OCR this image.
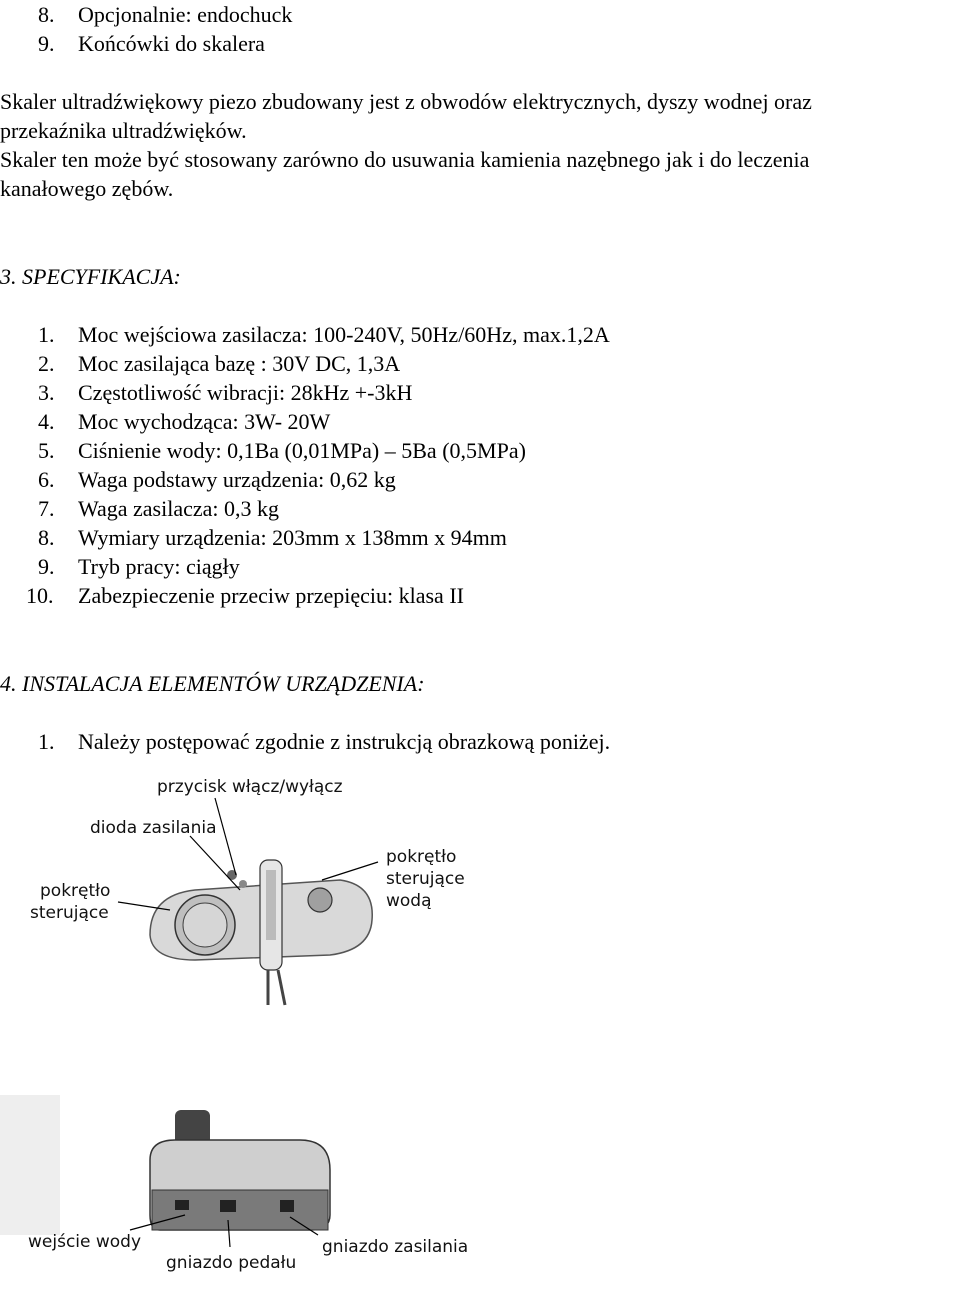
8. Opcjonalnie: endochuck
9. Końcówki do skalera
Skaler ultradźwiękowy piezo zbudowany jest z obwodów elektrycznych, dyszy wodnej oraz
przekaźnika ultradźwięków.
Skaler ten może być stosowany zarówno do usuwania kamienia nazębnego jak i do leczenia
kanałowego zębów.
3. SPECYFIKACJA:
1. Moc wejściowa zasilacza: 100-240V, 50Hz/60Hz, max.1,2A
2. Moc zasilająca bazę : 30V DC, 1,3A
3. Częstotliwość wibracji: 28kHz +-3kH
4. Moc wychodząca: 3W- 20W
5. Ciśnienie wody: 0,1Ba (0,01MPa) – 5Ba (0,5MPa)
6. Waga podstawy urządzenia: 0,62 kg
7. Waga zasilacza: 0,3 kg
8. Wymiary urządzenia: 203mm x 138mm x 94mm
9. Tryb pracy: ciągły
10. Zabezpieczenie przeciw przepięciu: klasa II
4. INSTALACJA ELEMENTÓW URZĄDZENIA:
1. Należy postępować zgodnie z instrukcją obrazkową poniżej.
przycisk włącz/wyłącz
dioda zasilania
pokrętło
sterujące
pokrętło
sterujące
wodą
wejście wody
gniazdo pedału
gniazdo zasilania
